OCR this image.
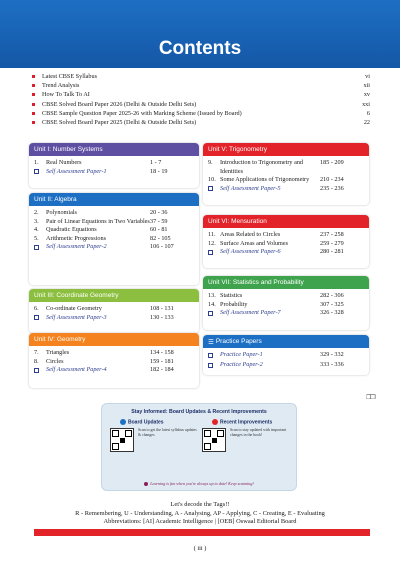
Contents
Latest CBSE Syllabus	vi
Trend Analysis	xii
How To Talk To AI	xv
CBSE Solved Board Paper 2026 (Delhi & Outside Delhi Sets)	xxi
CBSE Sample Question Paper 2025-26 with Marking Scheme (Issued by Board)	6
CBSE Solved Board Paper 2025 (Delhi & Outside Delhi Sets)	22
Unit I: Number Systems
1.	Real Numbers	1 - 7
Self Assessment Paper-1	18 - 19
Unit II: Algebra
2.	Polynomials	20 - 36
3.	Pair of Linear Equations in Two Variables 37 - 59
4.	Quadratic Equations	60 - 81
5.	Arithmetic Progressions	82 - 105
Self Assessment Paper-2	106 - 107
Unit III: Coordinate Geometry
6.	Co-ordinate Geometry	108 - 131
Self Assessment Paper-3	130 - 133
Unit IV: Geometry
7.	Triangles	134 - 158
8.	Circles	159 - 181
Self Assessment Paper-4	182 - 184
Unit V: Trigonometry
9.	Introduction to Trigonometry and Identities
185 - 209
10. Some Applications of Trigonometry	210 - 234
Self Assessment Paper-5	235 - 236
Unit VI: Mensuration
11. Areas Related to Circles	237 - 258
12. Surface Areas and Volumes	259 - 279
Self Assessment Paper-6	280 - 281
Unit VII: Statistics and Probability
13. Statistics	282 - 306
14. Probability	307 - 325
Self Assessment Paper-7	326 - 328
☰ Practice Papers
Practice Paper-1	329 - 332
Practice Paper-2	333 - 336
❐❐
Stay Informed: Board Updates & Recent Improvements
Board Updates

Scan to get the latest syllabus updates & changes

Recent Improvements

Scan to stay updated with important changes in the book!

Learning is fun when you're always up to date! Keep scanning!
Let's decode the Tags!!
R - Remembering, U - Understanding, A - Analysing, AP - Applying, C - Creating, E - Evaluating
Abbreviations: [AI] Academic Intelligence | [OEB] Oswaal Editorial Board
( iii )
